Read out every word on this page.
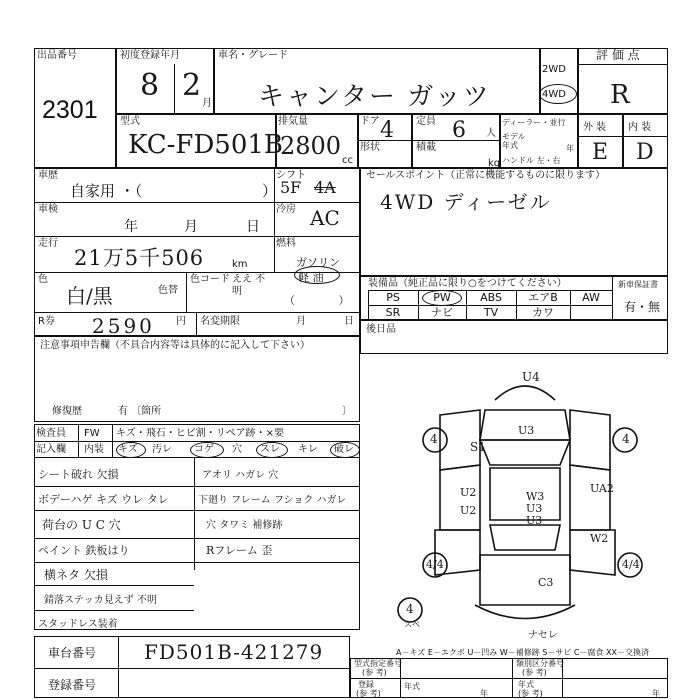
出品番号
2301
初度登録年月
8 2
月
車名・グレード
キャンター ガッツ
2WD
4WD
評 価 点
R
型式
KC-FD501B
排気量
2800
cc
ドア 4
形状
定員 6 人
積載
kg
ディーラー・並行
モデル年式	年
ハンドル 左・右
外 装
E
内 装
D
車歴
自家用 ・（	）
シフト
5F 4A
車検
年	月	日
冷房 AC
走行
21万5千506	km
燃料
ガソリン
軽 油
（ ）
色
白/黒	色替
色コード ええ 不明
R券 2590 円 名変期限	月	日
セールスポイント（正常に機能するものに限ります）
4WD ディーゼル
装備品（純正品に限り○をつけてください）	新車保証書
有・無
PS	PW	ABS	エアB	AW
SR	ナビ	TV	カワ
後日品
注意事項申告欄（不具合内容等は具体的に記入して下さい）
修復歴	有 〔箇所	〕
検査員
記入欄
FW キズ・飛石・ヒビ割・リペア跡・×要
内装 キズ 汚レ コゲ 穴 スレ キレ 破レ
シート破れ 欠損
ボデーハゲ キズ ウレ タレ
荷台の U C 穴
ペイント 鉄板はり
横ネタ 欠損
錆落ステッカ見えず 不明
スタッドレス装着
アオリ ハガレ 穴
下廻り フレーム フショク ハガレ
穴 タワミ 補修跡
Rフレーム 歪
U4
S1
U3
U2
U2
W3
U3
U3
UA2
W2
C3
4	4
4/4	4/4
4
スペ
ナセレ
A－キズ E－エクボ U－凹み W－補修跡 S－サビ C－腐食 XX－交換済
車台番号 FD501B-421279
登録番号
型式指定番号
(参 考)
類別区分番号
(参 考)
登録
(参 考)
年式	年式
(参 考)
年	年
